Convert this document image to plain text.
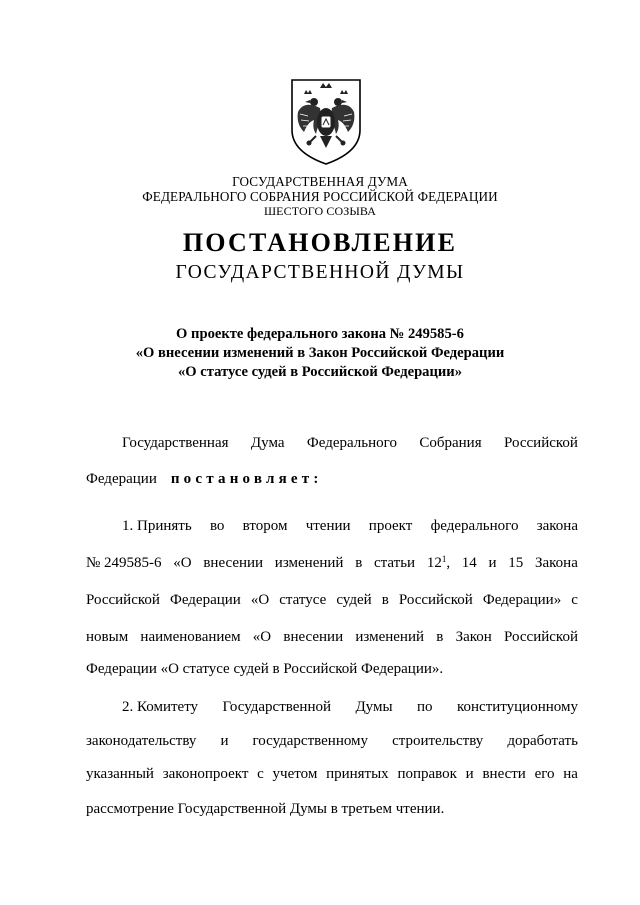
ГОСУДАРСТВЕННАЯ ДУМА
ФЕДЕРАЛЬНОГО СОБРАНИЯ РОССИЙСКОЙ ФЕДЕРАЦИИ
ШЕСТОГО СОЗЫВА
ПОСТАНОВЛЕНИЕ
ГОСУДАРСТВЕННОЙ ДУМЫ
О проекте федерального закона № 249585-6
«О внесении изменений в Закон Российской Федерации
«О статусе судей в Российской Федерации»
Государственная Дума Федерального Собрания Российской
Федерации постановляет:
1. Принять во втором чтении проект федерального закона
№ 249585-6 «О внесении изменений в статьи $12^1$, 14 и 15 Закона
Российской Федерации «О статусе судей в Российской Федерации» с
новым наименованием «О внесении изменений в Закон Российской
Федерации «О статусе судей в Российской Федерации».
2. Комитету Государственной Думы по конституционному
законодательству и государственному строительству доработать
указанный законопроект с учетом принятых поправок и внести его на
рассмотрение Государственной Думы в третьем чтении.
